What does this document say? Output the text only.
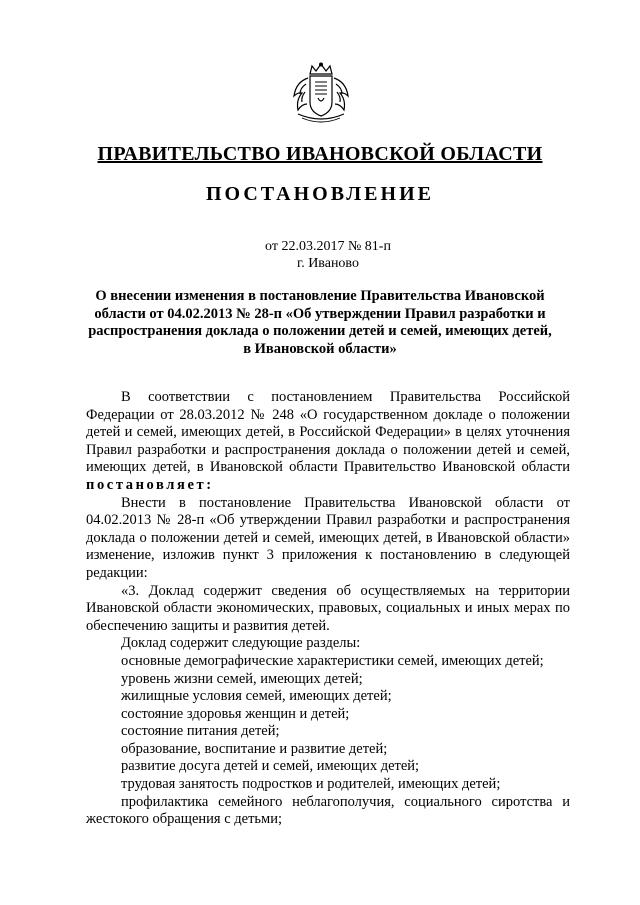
ПРАВИТЕЛЬСТВО ИВАНОВСКОЙ ОБЛАСТИ
ПОСТАНОВЛЕНИЕ
от 22.03.2017 № 81-п
г. Иваново
О внесении изменения в постановление Правительства Ивановской области от 04.02.2013 № 28-п «Об утверждении Правил разработки и распространения доклада о положении детей и семей, имеющих детей, в Ивановской области»

В соответствии с постановлением Правительства Российской Федерации от 28.03.2012 № 248 «О государственном докладе о положении детей и семей, имеющих детей, в Российской Федерации» в целях уточнения Правил разработки и распространения доклада о положении детей и семей, имеющих детей, в Ивановской области Правительство Ивановской области постановляет:

Внести в постановление Правительства Ивановской области от 04.02.2013 № 28-п «Об утверждении Правил разработки и распространения доклада о положении детей и семей, имеющих детей, в Ивановской области» изменение, изложив пункт 3 приложения к постановлению в следующей редакции:

«3. Доклад содержит сведения об осуществляемых на территории Ивановской области экономических, правовых, социальных и иных мерах по обеспечению защиты и развития детей.

Доклад содержит следующие разделы:

основные демографические характеристики семей, имеющих детей;

уровень жизни семей, имеющих детей;

жилищные условия семей, имеющих детей;

состояние здоровья женщин и детей;

состояние питания детей;

образование, воспитание и развитие детей;

развитие досуга детей и семей, имеющих детей;

трудовая занятость подростков и родителей, имеющих детей;

профилактика семейного неблагополучия, социального сиротства и жестокого обращения с детьми;
